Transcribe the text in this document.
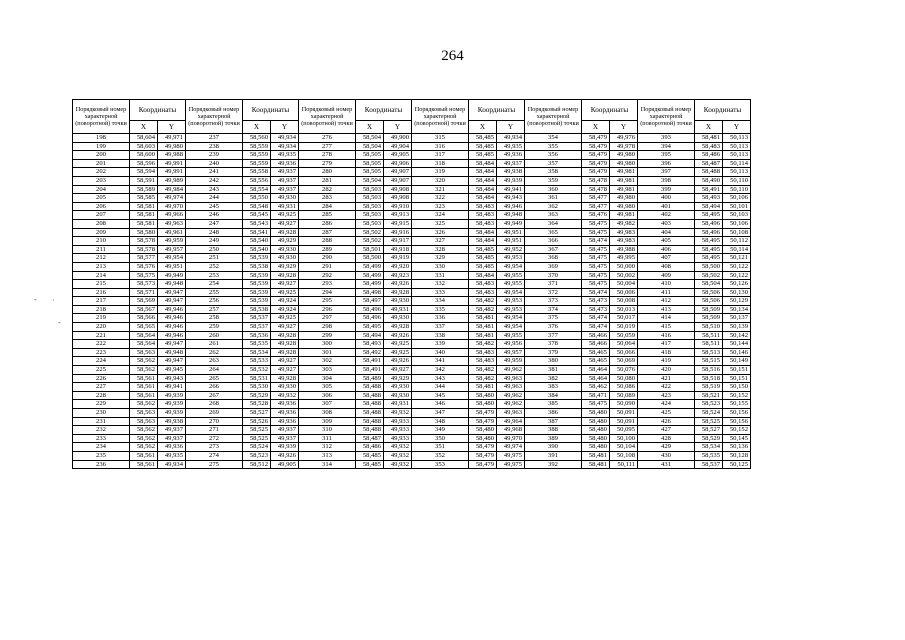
264
- ·
-
Порядковый номер характерной (поворотной) точки	Координаты		Порядковый номер характерной (поворотной) точки	Координаты		Порядковый номер характерной (поворотной) точки	Координаты		Порядковый номер характерной (поворотной) точки	Координаты		Порядковый номер характерной (поворотной) точки	Координаты		Порядковый номер характерной (поворотной) точки	Координаты	
	X	Y		X	Y		X	Y		X	Y		X	Y		X	Y
198	58,604	49,971	237	58,560	49,934	276	58,504	49,900	315	58,485	49,934	354	58,479	49,976	393	58,481	50,113
199	58,603	49,980	238	58,559	49,934	277	58,504	49,904	316	58,485	49,935	355	58,479	49,978	394	58,483	50,113
200	58,600	49,988	239	58,559	49,935	278	58,505	49,905	317	58,485	49,936	356	58,479	49,980	395	58,486	50,113
201	58,596	49,991	240	58,559	49,936	279	58,505	49,906	318	58,484	49,937	357	58,479	49,980	396	58,487	50,114
202	58,594	49,991	241	58,558	49,937	280	58,505	49,907	319	58,484	49,938	358	58,479	49,981	397	58,488	50,113
203	58,591	49,989	242	58,556	49,937	281	58,504	49,907	320	58,484	49,939	359	58,478	49,981	398	58,490	50,110
204	58,589	49,984	243	58,554	49,937	282	58,503	49,908	321	58,484	49,941	360	58,478	49,981	399	58,491	50,110
205	58,585	49,974	244	58,550	49,930	283	58,503	49,908	322	58,484	49,943	361	58,477	49,980	400	58,493	50,106
206	58,581	49,970	245	58,548	49,931	284	58,503	49,910	323	58,483	49,946	362	58,477	49,980	401	58,494	50,101
207	58,581	49,966	246	58,545	49,925	285	58,503	49,913	324	58,483	49,948	363	58,476	49,981	402	58,495	50,103
208	58,581	49,963	247	58,543	49,927	286	58,503	49,915	325	58,483	49,949	364	58,475	49,982	403	58,496	50,106
209	58,580	49,961	248	58,541	49,928	287	58,502	49,916	326	58,484	49,951	365	58,475	49,983	404	58,496	50,108
210	58,578	49,959	249	58,540	49,929	288	58,502	49,917	327	58,484	49,951	366	58,474	49,983	405	58,495	50,112
211	58,578	49,957	250	58,540	49,930	289	58,501	49,918	328	58,485	49,952	367	58,475	49,988	406	58,495	50,114
212	58,577	49,954	251	58,539	49,930	290	58,500	49,919	329	58,485	49,953	368	58,475	49,995	407	58,495	50,121
213	58,576	49,951	252	58,538	49,929	291	58,499	49,920	330	58,485	49,954	369	58,475	50,000	408	58,500	50,122
214	58,575	49,949	253	58,539	49,928	292	58,499	49,923	331	58,484	49,955	370	58,475	50,002	409	58,502	50,122
215	58,573	49,948	254	58,539	49,927	293	58,499	49,926	332	58,483	49,955	371	58,475	50,004	410	58,504	50,126
216	58,571	49,947	255	58,539	49,925	294	58,498	49,928	333	58,483	49,954	372	58,474	50,006	411	58,506	50,130
217	58,569	49,947	256	58,539	49,924	295	58,497	49,930	334	58,482	49,953	373	58,473	50,008	412	58,506	50,129
218	58,567	49,946	257	58,538	49,924	296	58,496	49,931	335	58,482	49,953	374	58,473	50,013	413	58,509	50,134
219	58,566	49,946	258	58,537	49,925	297	58,496	49,930	336	58,481	49,954	375	58,474	50,017	414	58,509	50,137
220	58,565	49,946	259	58,537	49,927	298	58,495	49,928	337	58,481	49,954	376	58,474	50,019	415	58,510	50,139
221	58,564	49,946	260	58,536	49,928	299	58,494	49,926	338	58,481	49,955	377	58,466	50,059	416	58,511	50,142
222	58,564	49,947	261	58,535	49,928	300	58,493	49,925	339	58,482	49,956	378	58,466	50,064	417	58,511	50,144
223	58,563	49,948	262	58,534	49,928	301	58,492	49,925	340	58,483	49,957	379	58,465	50,066	418	58,513	50,146
224	58,562	49,947	263	58,533	49,927	302	58,491	49,926	341	58,483	49,959	380	58,465	50,069	419	58,515	50,149
225	58,562	49,945	264	58,532	49,927	303	58,491	49,927	342	58,482	49,962	381	58,464	50,076	420	58,516	50,151
226	58,561	49,943	265	58,531	49,928	304	58,489	49,929	343	58,482	49,963	382	58,464	50,080	421	58,518	50,151
227	58,561	49,941	266	58,530	49,930	305	58,488	49,930	344	58,481	49,963	383	58,462	50,086	422	58,519	50,150
228	58,561	49,939	267	58,529	49,932	306	58,488	49,930	345	58,480	49,962	384	58,471	50,089	423	58,521	50,152
229	58,562	49,939	268	58,528	49,936	307	58,488	49,931	346	58,480	49,962	385	58,475	50,090	424	58,523	50,155
230	58,563	49,939	269	58,527	49,936	308	58,488	49,932	347	58,479	49,963	386	58,480	50,091	425	58,524	50,156
231	58,563	49,938	270	58,526	49,936	309	58,488	49,933	348	58,479	49,964	387	58,480	50,091	426	58,525	50,156
232	58,562	49,937	271	58,525	49,937	310	58,488	49,933	349	58,480	49,968	388	58,480	50,095	427	58,527	50,152
233	58,562	49,937	272	58,525	49,937	311	58,487	49,933	350	58,480	49,970	389	58,480	50,100	428	58,529	50,145
234	58,562	49,936	273	58,524	49,939	312	58,486	49,932	351	58,479	49,974	390	58,480	50,104	429	58,534	50,136
235	58,561	49,935	274	58,523	49,926	313	58,485	49,932	352	58,479	49,975	391	58,481	50,108	430	58,535	50,128
236	58,561	49,934	275	58,512	49,905	314	58,485	49,932	353	58,479	49,975	392	58,481	50,111	431	58,537	50,125
